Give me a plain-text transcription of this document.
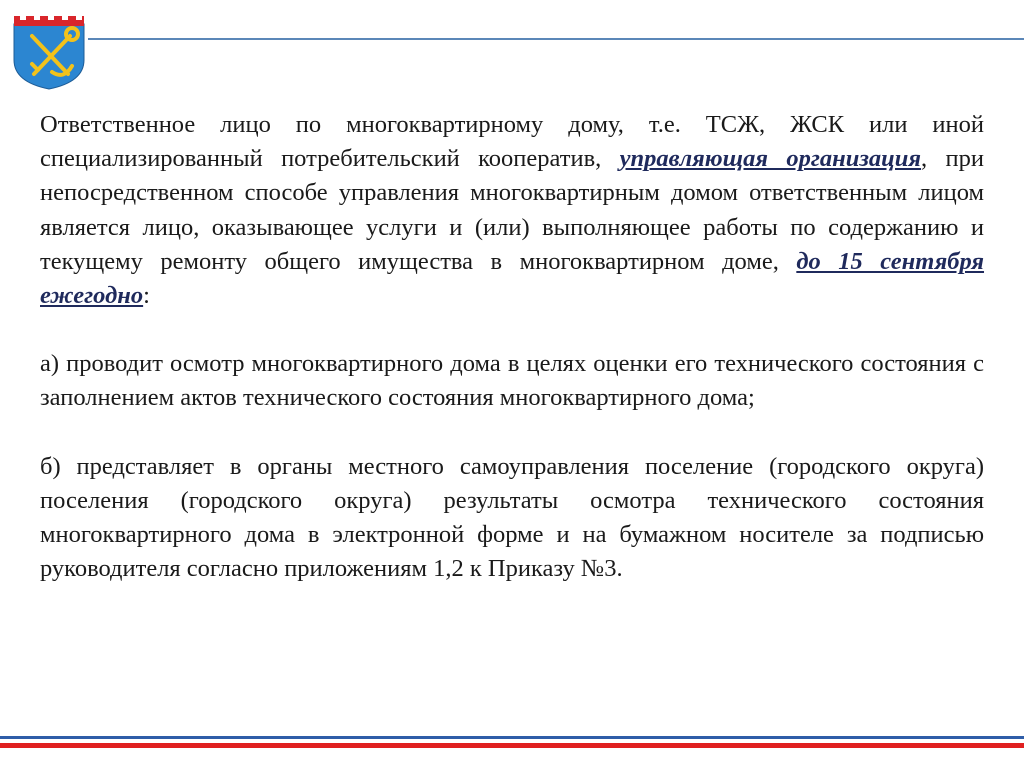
Ответственное лицо по многоквартирному дому, т.е. ТСЖ, ЖСК или иной специализированный потребительский кооператив, управляющая организация, при непосредственном способе управления многоквартирным домом ответственным лицом является лицо, оказывающее услуги и (или) выполняющее работы по содержанию и текущему ремонту общего имущества в многоквартирном доме, до 15 сентября ежегодно:

а) проводит осмотр многоквартирного дома в целях оценки его технического состояния с заполнением актов технического состояния многоквартирного дома;

б) представляет в органы местного самоуправления поселение (городского округа) поселения (городского округа) результаты осмотра технического состояния многоквартирного дома в электронной форме и на бумажном носителе за подписью руководителя согласно приложениям 1,2 к Приказу №3.
